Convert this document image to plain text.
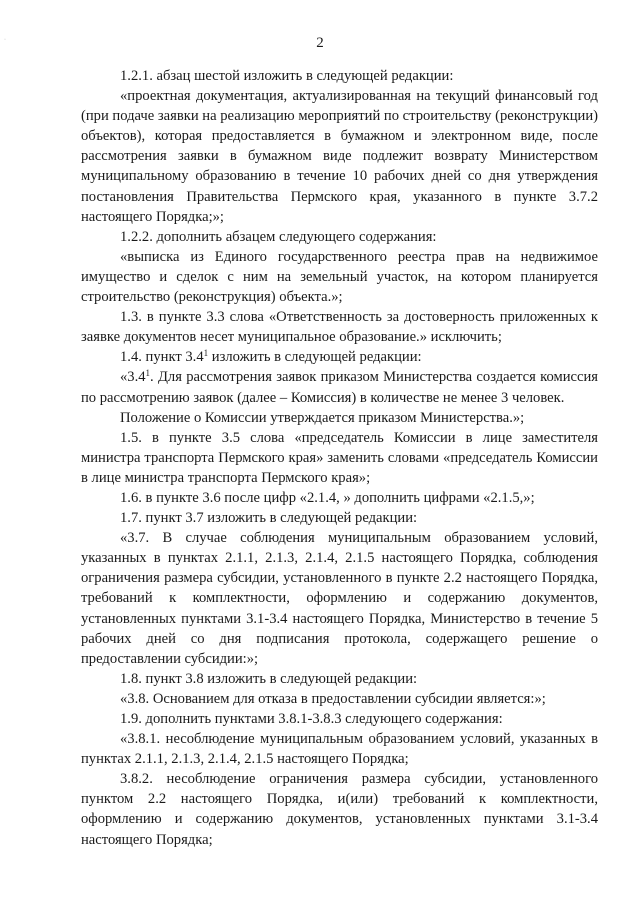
·	2

1.2.1. абзац шестой изложить в следующей редакции:

«проектная документация, актуализированная на текущий финансовый год (при подаче заявки на реализацию мероприятий по строительству (реконструкции) объектов), которая предоставляется в бумажном и электронном виде, после рассмотрения заявки в бумажном виде подлежит возврату Министерством муниципальному образованию в течение 10 рабочих дней со дня утверждения постановления Правительства Пермского края, указанного в пункте 3.7.2 настоящего Порядка;»;

1.2.2. дополнить абзацем следующего содержания:

«выписка из Единого государственного реестра прав на недвижимое имущество и сделок с ним на земельный участок, на котором планируется строительство (реконструкция) объекта.»;

1.3. в пункте 3.3 слова «Ответственность за достоверность приложенных к заявке документов несет муниципальное образование.» исключить;

1.4. пункт $3.4^1$ изложить в следующей редакции:

«$3.4^1$. Для рассмотрения заявок приказом Министерства создается комиссия по рассмотрению заявок (далее – Комиссия) в количестве не менее 3 человек.

Положение о Комиссии утверждается приказом Министерства.»;

1.5. в пункте 3.5 слова «председатель Комиссии в лице заместителя министра транспорта Пермского края» заменить словами «председатель Комиссии в лице министра транспорта Пермского края»;

1.6. в пункте 3.6 после цифр «2.1.4, » дополнить цифрами «2.1.5,»;

1.7. пункт 3.7 изложить в следующей редакции:

«3.7. В случае соблюдения муниципальным образованием условий, указанных в пунктах 2.1.1, 2.1.3, 2.1.4, 2.1.5 настоящего Порядка, соблюдения ограничения размера субсидии, установленного в пункте 2.2 настоящего Порядка, требований к комплектности, оформлению и содержанию документов, установленных пунктами 3.1-3.4 настоящего Порядка, Министерство в течение 5 рабочих дней со дня подписания протокола, содержащего решение о предоставлении субсидии:»;

1.8. пункт 3.8 изложить в следующей редакции:

«3.8. Основанием для отказа в предоставлении субсидии является:»;

1.9. дополнить пунктами 3.8.1-3.8.3 следующего содержания:

«3.8.1. несоблюдение муниципальным образованием условий, указанных в пунктах 2.1.1, 2.1.3, 2.1.4, 2.1.5 настоящего Порядка;

3.8.2. несоблюдение ограничения размера субсидии, установленного пунктом 2.2 настоящего Порядка, и(или) требований к комплектности, оформлению и содержанию документов, установленных пунктами 3.1-3.4 настоящего Порядка;
